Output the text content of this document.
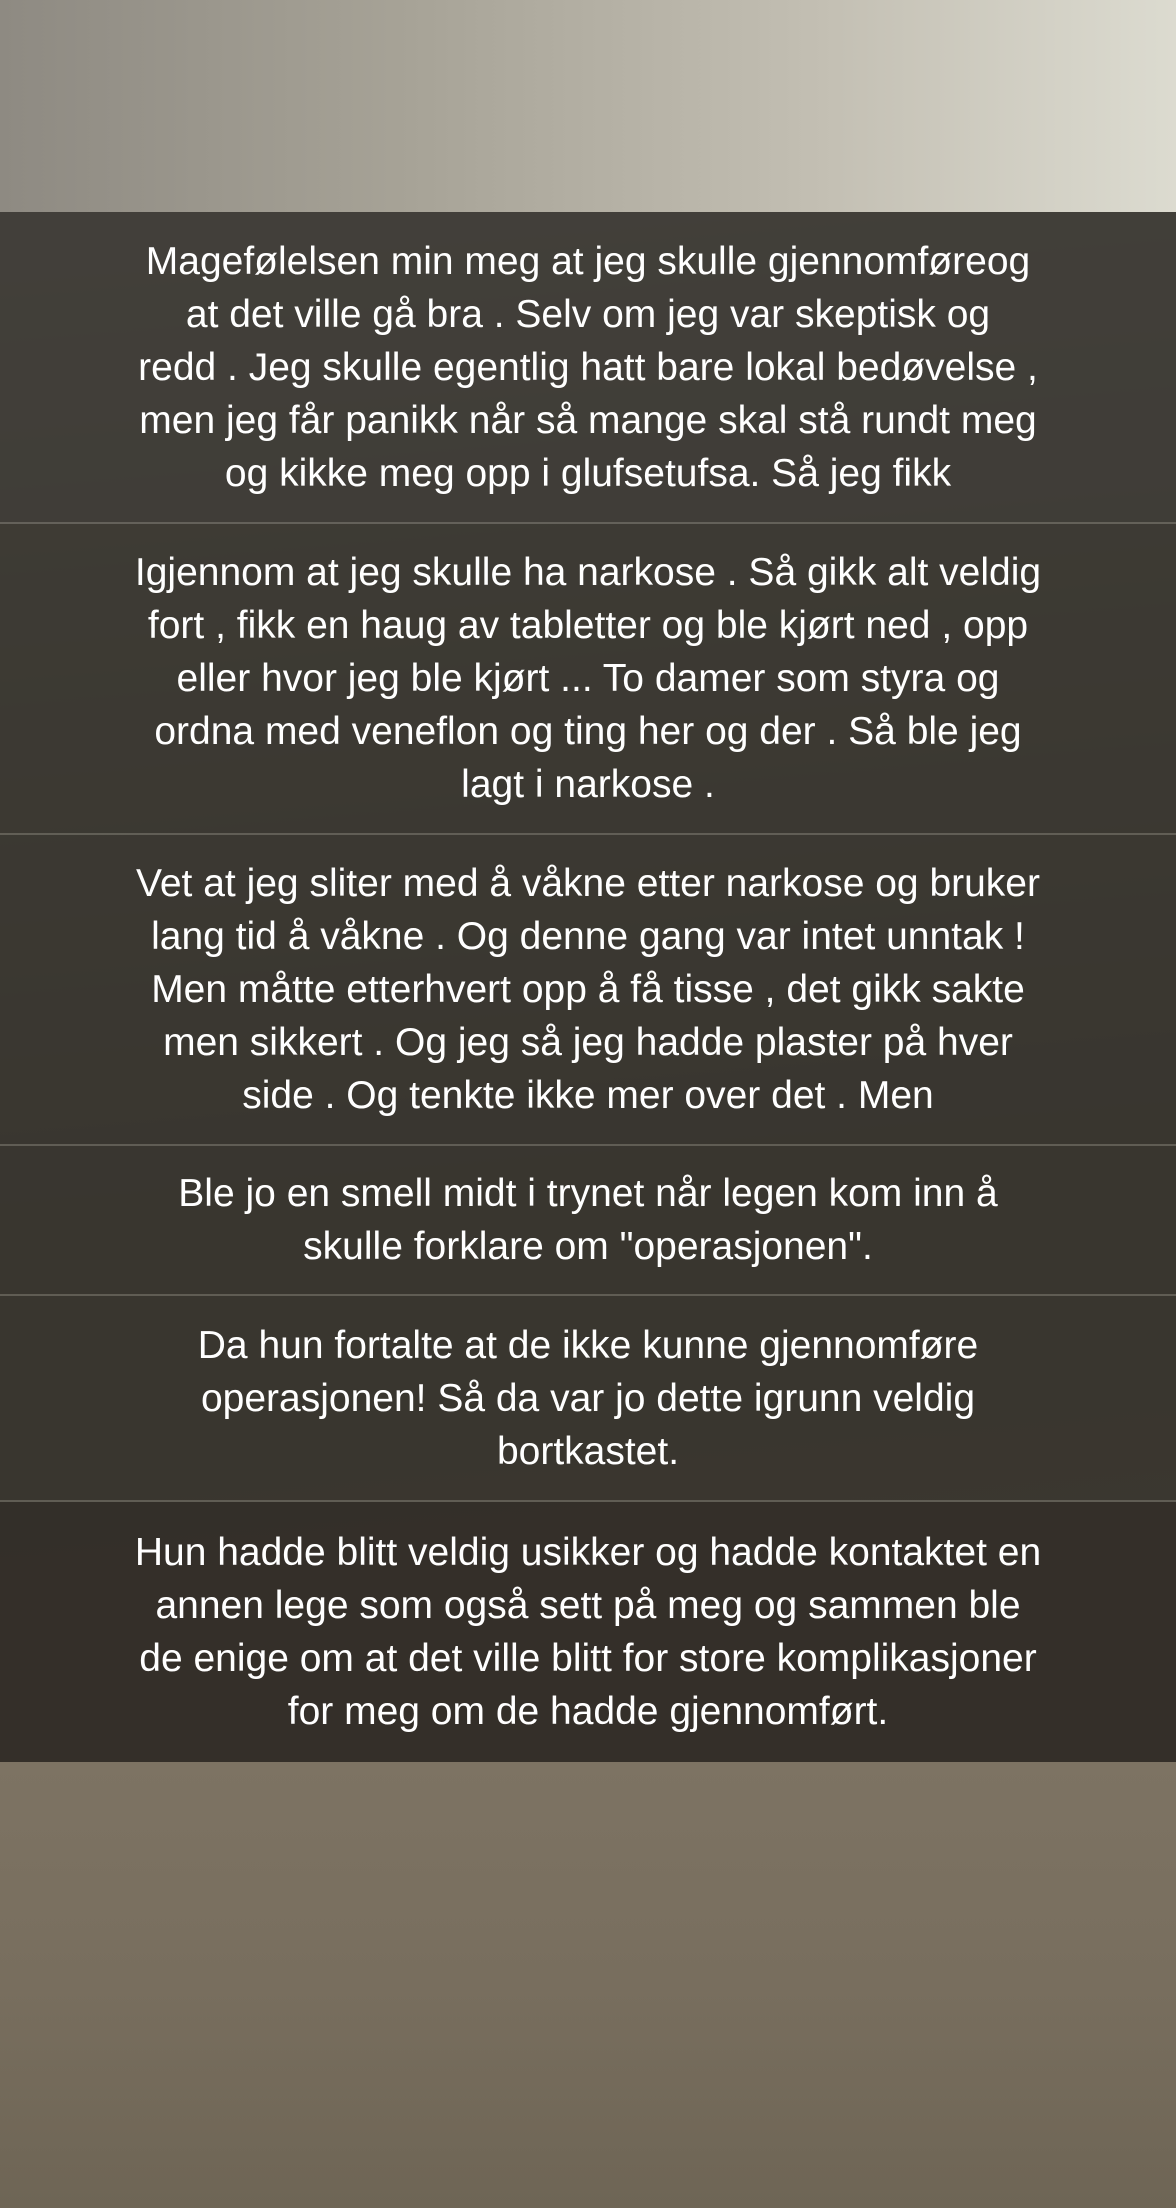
Magefølelsen min meg at jeg skulle gjennomføreog
at det ville gå bra . Selv om jeg var skeptisk og
redd . Jeg skulle egentlig hatt bare lokal bedøvelse ,
men jeg får panikk når så mange skal stå rundt meg
og kikke meg opp i glufsetufsa. Så jeg fikk
Igjennom at jeg skulle ha narkose . Så gikk alt veldig
fort , fikk en haug av tabletter og ble kjørt ned , opp
eller hvor jeg ble kjørt ... To damer som styra og
ordna med veneflon og ting her og der . Så ble jeg
lagt i narkose .
Vet at jeg sliter med å våkne etter narkose og bruker
lang tid å våkne . Og denne gang var intet unntak !
Men måtte etterhvert opp å få tisse , det gikk sakte
men sikkert . Og jeg så jeg hadde plaster på hver
side . Og tenkte ikke mer over det . Men
Ble jo en smell midt i trynet når legen kom inn å
skulle forklare om "operasjonen".
Da hun fortalte at de ikke kunne gjennomføre
operasjonen! Så da var jo dette igrunn veldig
bortkastet.
Hun hadde blitt veldig usikker og hadde kontaktet en
annen lege som også sett på meg og sammen ble
de enige om at det ville blitt for store komplikasjoner
for meg om de hadde gjennomført.
